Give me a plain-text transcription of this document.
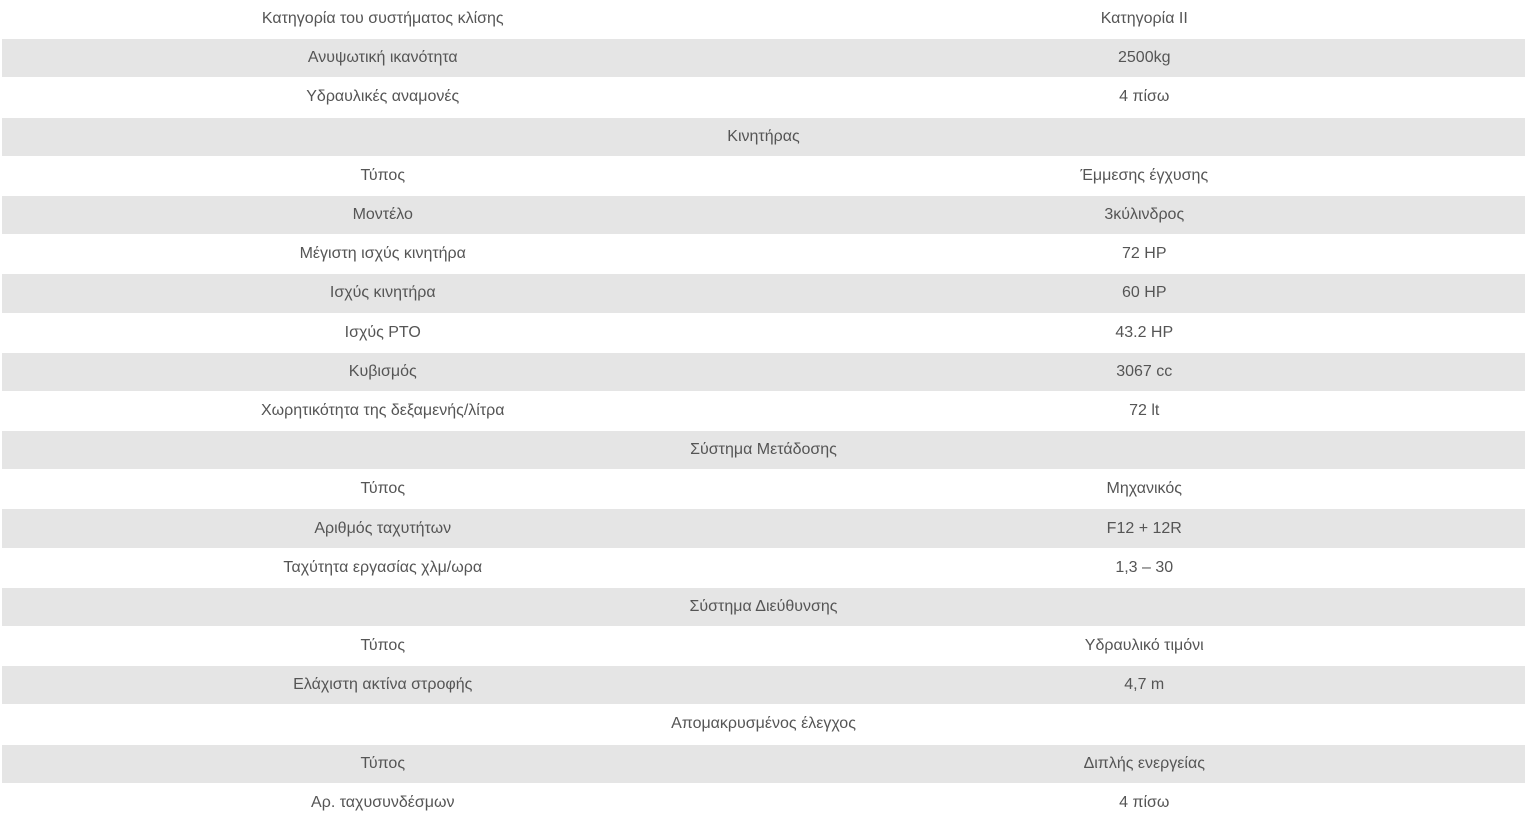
Κατηγορία του συστήματος κλίσης	Κατηγορία II
Ανυψωτική ικανότητα	2500kg
Υδραυλικές αναμονές	4 πίσω
Κινητήρας	
Τύπος	Έμμεσης έγχυσης
Μοντέλο	3κύλινδρος
Μέγιστη ισχύς κινητήρα	72 HP
Ισχύς κινητήρα	60 HP
Ισχύς PTO	43.2 HP
Κυβισμός	3067 cc
Χωρητικότητα της δεξαμενής/λίτρα	72 lt
Σύστημα Μετάδοσης	
Τύπος	Μηχανικός
Αριθμός ταχυτήτων	F12 + 12R
Ταχύτητα εργασίας χλμ/ωρα	1,3 – 30
Σύστημα Διεύθυνσης	
Τύπος	Υδραυλικό τιμόνι
Ελάχιστη ακτίνα στροφής	4,7 m
Απομακρυσμένος έλεγχος	
Τύπος	Διπλής ενεργείας
Αρ. ταχυσυνδέσμων	4 πίσω
